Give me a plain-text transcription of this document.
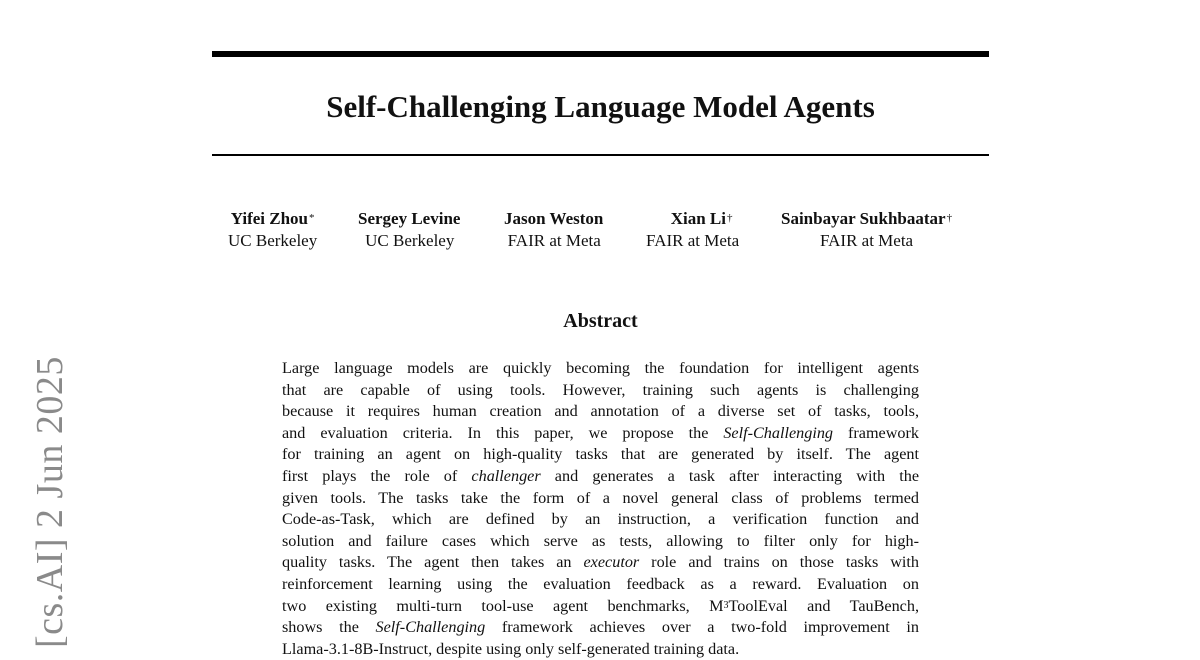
Self-Challenging Language Model Agents
Yifei Zhou*
UC Berkeley
Sergey Levine
UC Berkeley
Jason Weston
FAIR at Meta
Xian Li†
FAIR at Meta
Sainbayar Sukhbaatar†
FAIR at Meta
Abstract
Large language models are quickly becoming the foundation for intelligent agents
that are capable of using tools. However, training such agents is challenging
because it requires human creation and annotation of a diverse set of tasks, tools,
and evaluation criteria. In this paper, we propose the Self-Challenging framework
for training an agent on high-quality tasks that are generated by itself. The agent
first plays the role of challenger and generates a task after interacting with the
given tools. The tasks take the form of a novel general class of problems termed
Code-as-Task, which are defined by an instruction, a verification function and
solution and failure cases which serve as tests, allowing to filter only for high-
quality tasks. The agent then takes an executor role and trains on those tasks with
reinforcement learning using the evaluation feedback as a reward. Evaluation on
two existing multi-turn tool-use agent benchmarks, $M^3ToolEval$ and TauBench,
shows the Self-Challenging framework achieves over a two-fold improvement in
Llama-3.1-8B-Instruct, despite using only self-generated training data.
[cs.AI] 2 Jun 2025
